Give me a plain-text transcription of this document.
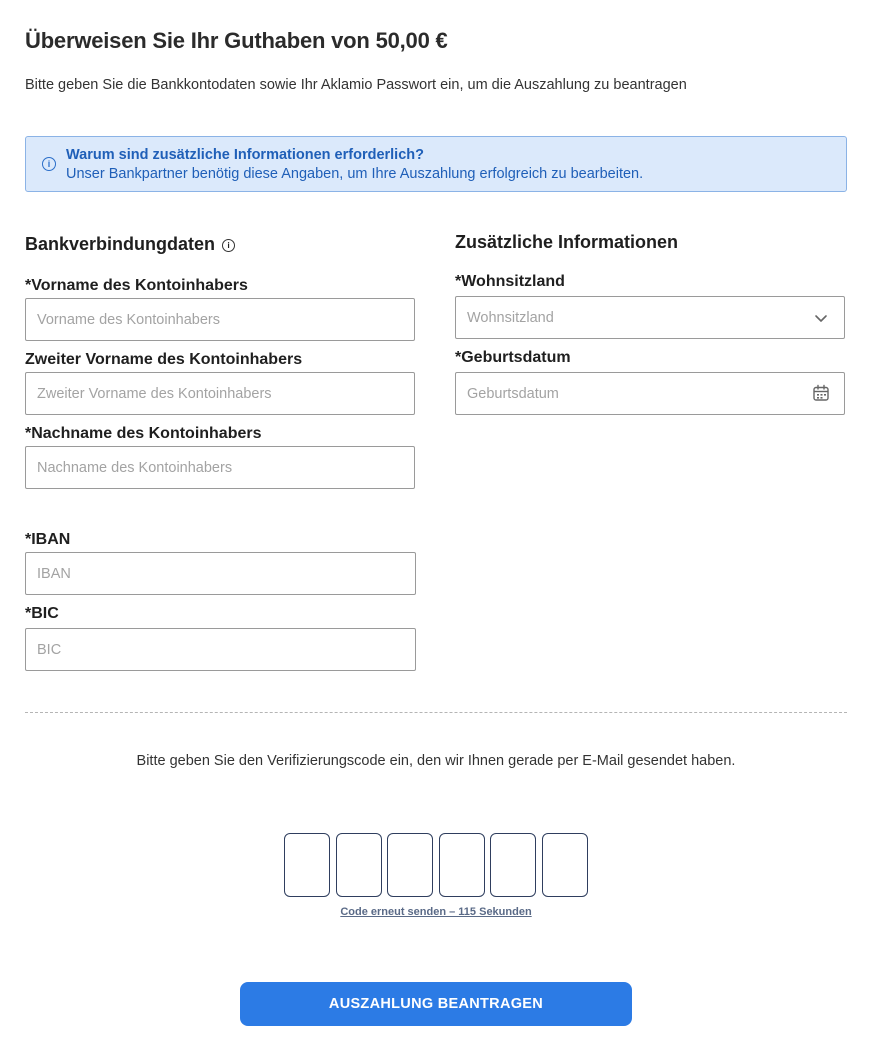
Überweisen Sie Ihr Guthaben von 50,00 €
Bitte geben Sie die Bankkontodaten sowie Ihr Aklamio Passwort ein, um die Auszahlung zu beantragen
i
Warum sind zusätzliche Informationen erforderlich?
Unser Bankpartner benötig diese Angaben, um Ihre Auszahlung erfolgreich zu bearbeiten.
Bankverbindungdaten i
*Vorname des Kontoinhabers
Vorname des Kontoinhabers
Zweiter Vorname des Kontoinhabers
Zweiter Vorname des Kontoinhabers
*Nachname des Kontoinhabers
Nachname des Kontoinhabers
*IBAN
IBAN
*BIC
BIC
Zusätzliche Informationen
*Wohnsitzland
Wohnsitzland
*Geburtsdatum
Geburtsdatum
Bitte geben Sie den Verifizierungscode ein, den wir Ihnen gerade per E-Mail gesendet haben.
Code erneut senden – 115 Sekunden
AUSZAHLUNG BEANTRAGEN
